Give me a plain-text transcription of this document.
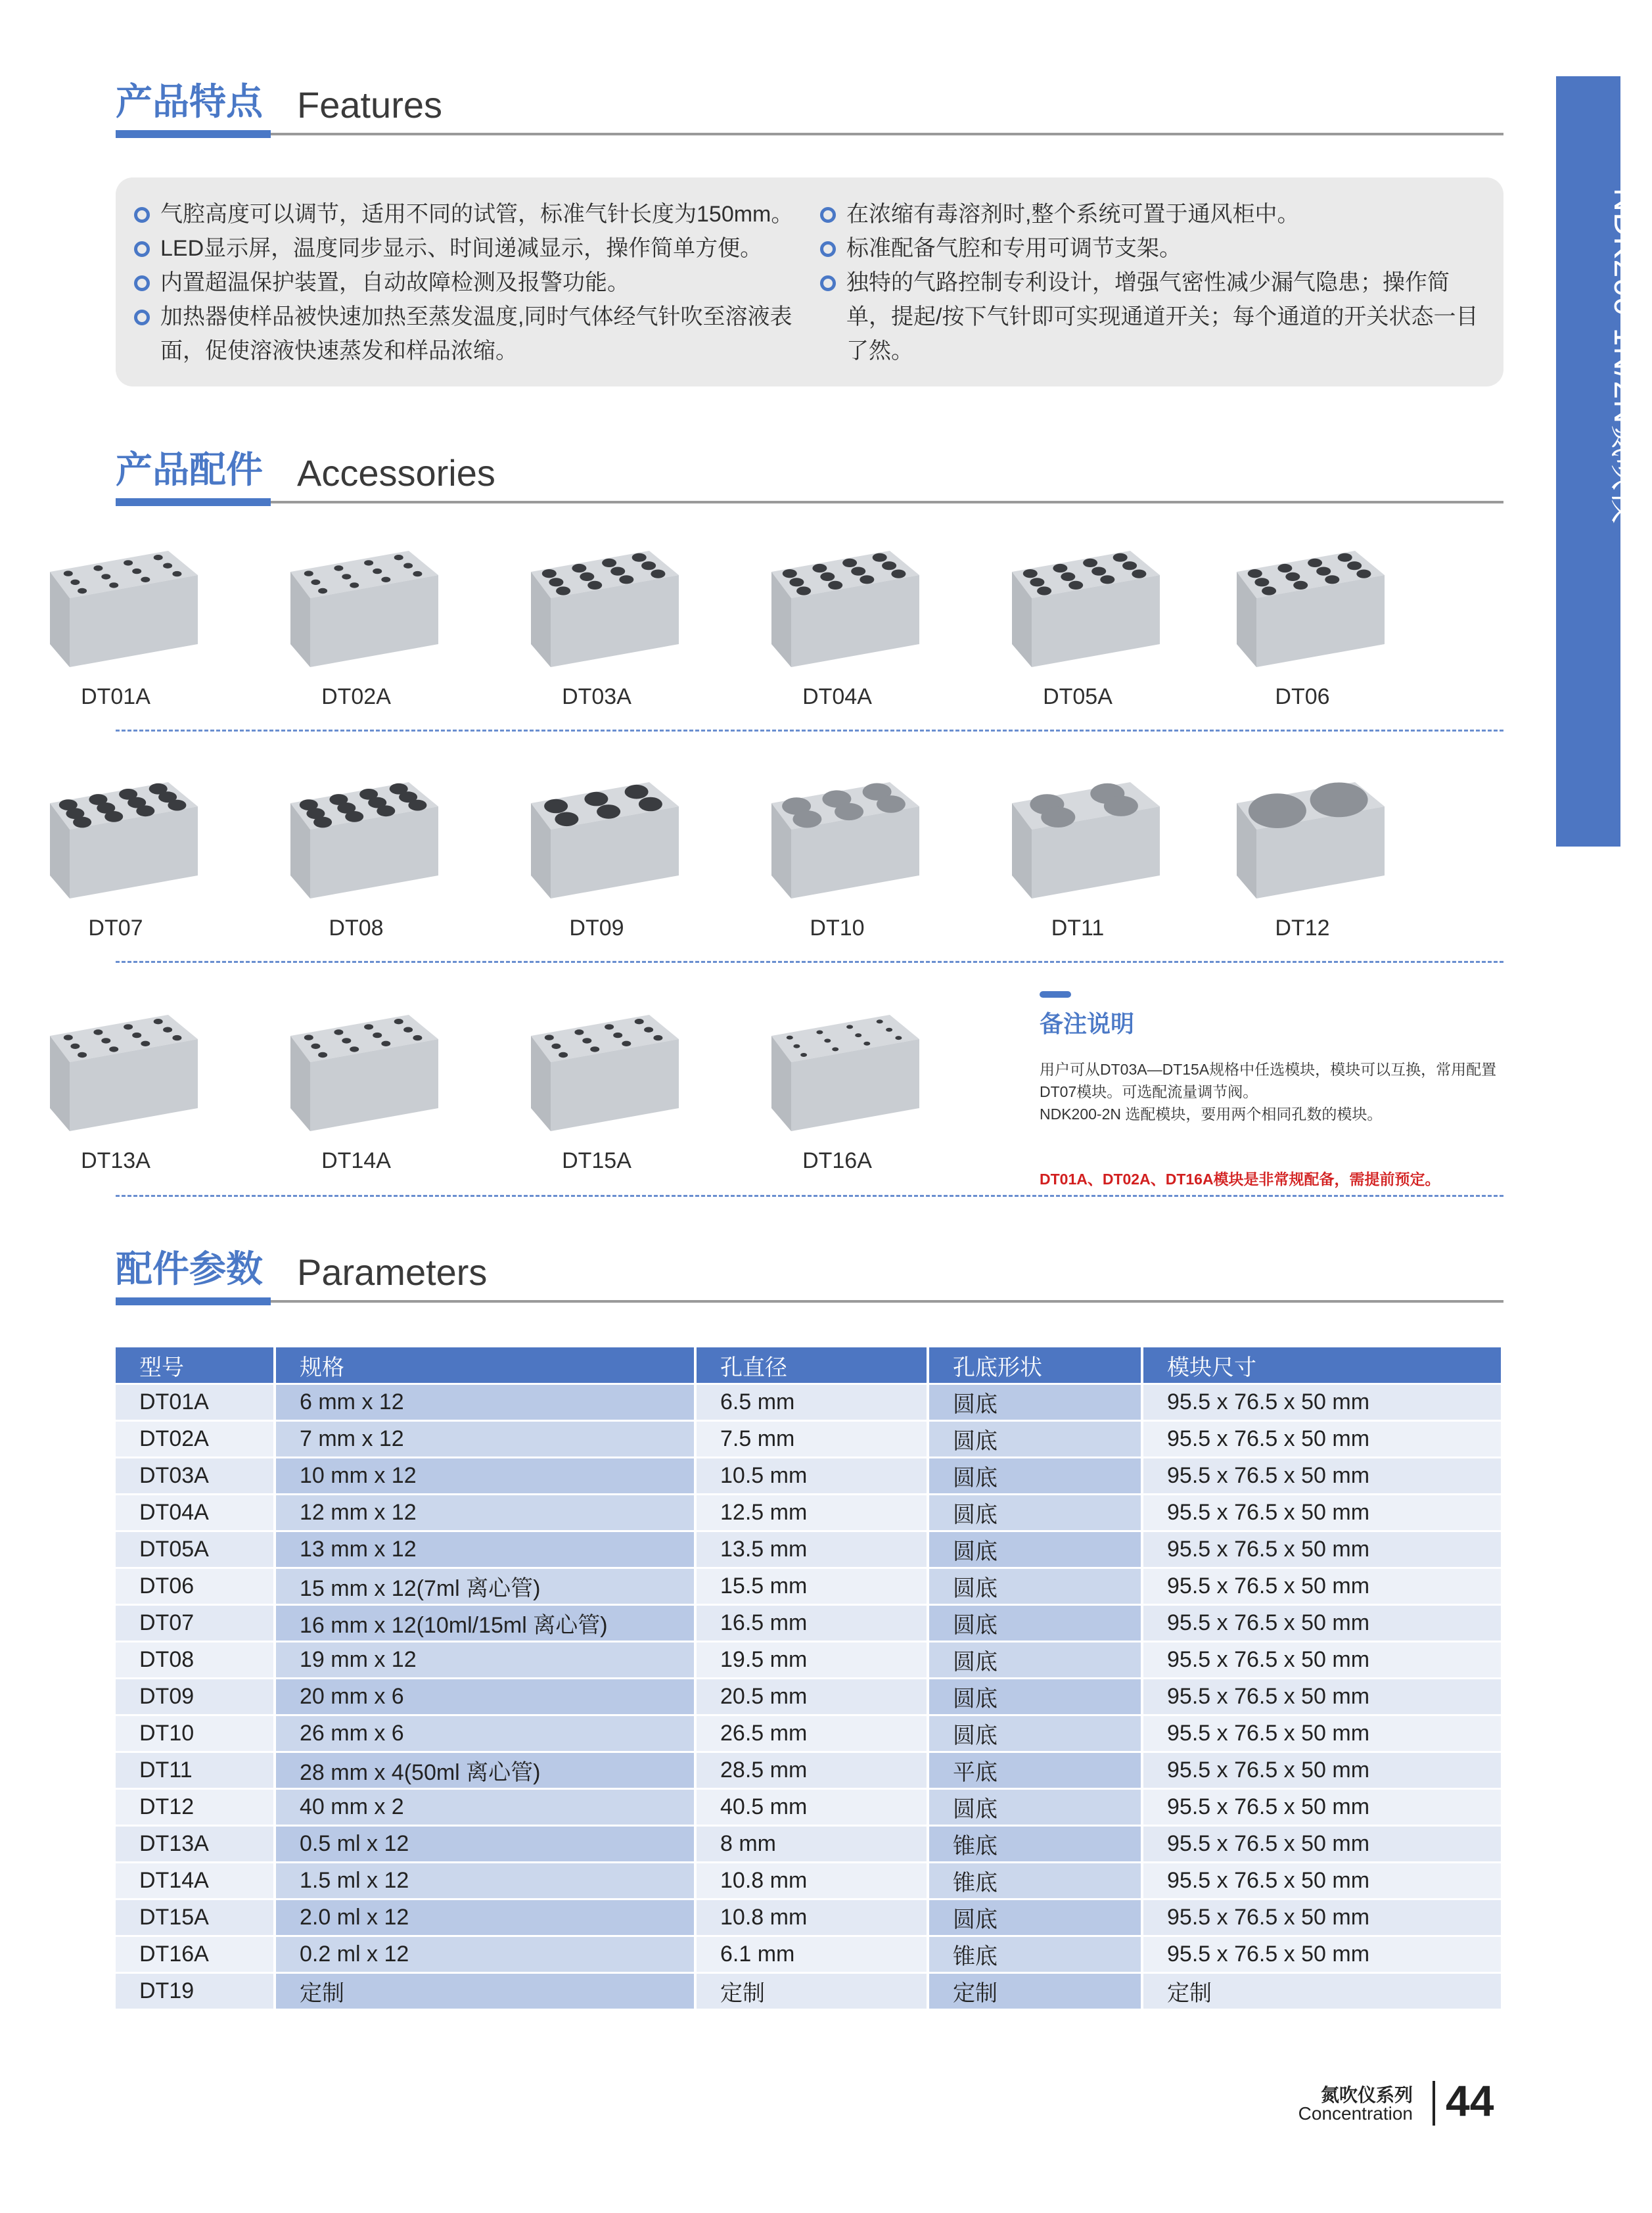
NDK200-1N/2N氮吹仪
产品特点 Features
气腔高度可以调节，适用不同的试管，标准气针长度为150mm。
LED显示屏，温度同步显示、时间递减显示，操作简单方便。
内置超温保护装置，自动故障检测及报警功能。
加热器使样品被快速加热至蒸发温度,同时气体经气针吹至溶液表面，促使溶液快速蒸发和样品浓缩。
在浓缩有毒溶剂时,整个系统可置于通风柜中。
标准配备气腔和专用可调节支架。
独特的气路控制专利设计，增强气密性减少漏气隐患；操作简单，提起/按下气针即可实现通道开关；每个通道的开关状态一目了然。
产品配件 Accessories
DT01A	DT02A	DT03A	DT04A	DT05A	DT06
DT07	DT08	DT09	DT10	DT11	DT12
DT13A	DT14A	DT15A	DT16A
备注说明
用户可从DT03A—DT15A规格中任选模块，模块可以互换，常用配置DT07模块。可选配流量调节阀。
NDK200-2N 选配模块，要用两个相同孔数的模块。
DT01A、DT02A、DT16A模块是非常规配备，需提前预定。
配件参数 Parameters
型号	规格	孔直径	孔底形状	模块尺寸
DT01A	6 mm x 12	6.5 mm	圆底	95.5 x 76.5 x 50 mm
DT02A	7 mm x 12	7.5 mm	圆底	95.5 x 76.5 x 50 mm
DT03A	10 mm x 12	10.5 mm	圆底	95.5 x 76.5 x 50 mm
DT04A	12 mm x 12	12.5 mm	圆底	95.5 x 76.5 x 50 mm
DT05A	13 mm x 12	13.5 mm	圆底	95.5 x 76.5 x 50 mm
DT06	15 mm x 12(7ml 离心管)	15.5 mm	圆底	95.5 x 76.5 x 50 mm
DT07	16 mm x 12(10ml/15ml 离心管)	16.5 mm	圆底	95.5 x 76.5 x 50 mm
DT08	19 mm x 12	19.5 mm	圆底	95.5 x 76.5 x 50 mm
DT09	20 mm x 6	20.5 mm	圆底	95.5 x 76.5 x 50 mm
DT10	26 mm x 6	26.5 mm	圆底	95.5 x 76.5 x 50 mm
DT11	28 mm x 4(50ml 离心管)	28.5 mm	平底	95.5 x 76.5 x 50 mm
DT12	40 mm x 2	40.5 mm	圆底	95.5 x 76.5 x 50 mm
DT13A	0.5 ml x 12	8 mm	锥底	95.5 x 76.5 x 50 mm
DT14A	1.5 ml x 12	10.8 mm	锥底	95.5 x 76.5 x 50 mm
DT15A	2.0 ml x 12	10.8 mm	圆底	95.5 x 76.5 x 50 mm
DT16A	0.2 ml x 12	6.1 mm	锥底	95.5 x 76.5 x 50 mm
DT19	定制	定制	定制	定制
氮吹仪系列
Concentration 44
